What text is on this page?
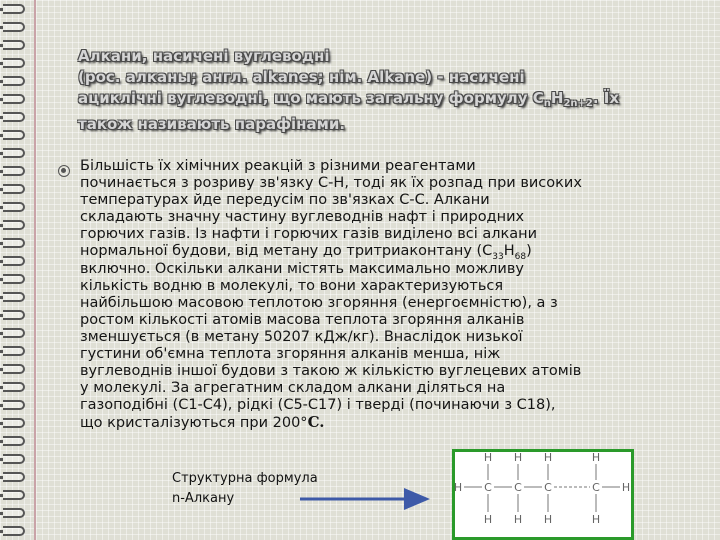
Алкани, насичені вуглеводні
(рос. алканы; англ. alkanes; нім. Alkane) - насичені
ациклічні вуглеводні, що мають загальну формулу $C_nH_{2n+2}$. Їх
також називають парафінами.
Більшість їх хімічних реакцій з різними реагентами
починається з розриву зв'язку С-Н, тоді як їх розпад при високих
температурах йде передусім по зв'язках С-С. Алкани
складають значну частину вуглеводнів нафт і природних
горючих газів. Із нафти і горючих газів виділено всі алкани
нормальної будови, від метану до тритриаконтану $(C_{33}H_{68})$
включно. Оскільки алкани містять максимально можливу
кількість водню в молекулі, то вони характеризуються
найбільшою масовою теплотою згоряння (енергоємністю), а з
ростом кількості атомів масова теплота згоряння алканів
зменшується (в метану 50207 кДж/кг). Внаслідок низької
густини об'ємна теплота згоряння алканів менша, ніж
вуглеводнів іншої будови з такою ж кількістю вуглецевих атомів
у молекулі. За агрегатним складом алкани діляться на
газоподібні (С1-С4), рідкі (С5-С17) і тверді (починаючи з С18),
що кристалізуються при 200°C.
Структурна формула
n-Алкану
H H H	H
H C C C	C H
H H H	H
